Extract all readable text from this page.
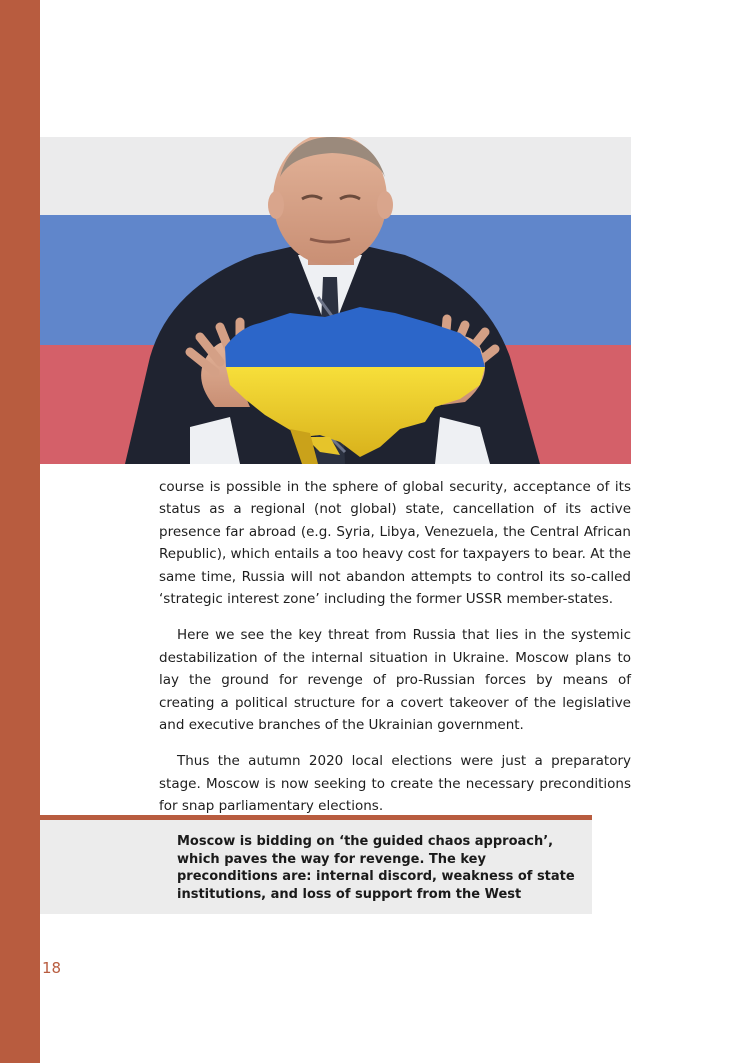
course is possible in the sphere of global security, acceptance of its status as a regional (not global) state, cancellation of its active presence far abroad (e.g. Syria, Libya, Venezuela, the Central African Republic), which entails a too heavy cost for taxpayers to bear. At the same time, Russia will not abandon attempts to control its so-called ‘strategic interest zone’ including the former USSR member-states.

Here we see the key threat from Russia that lies in the systemic destabilization of the internal situation in Ukraine. Moscow plans to lay the ground for revenge of pro-Russian forces by means of creating a political structure for a covert takeover of the legislative and executive branches of the Ukrainian government.

Thus the autumn 2020 local elections were just a preparatory stage. Moscow is now seeking to create the necessary preconditions for snap parliamentary elections.

Moscow is bidding on ‘the guided chaos approach’, which paves the way for revenge. The key preconditions are: internal discord, weakness of state institutions, and loss of support from the West
18
